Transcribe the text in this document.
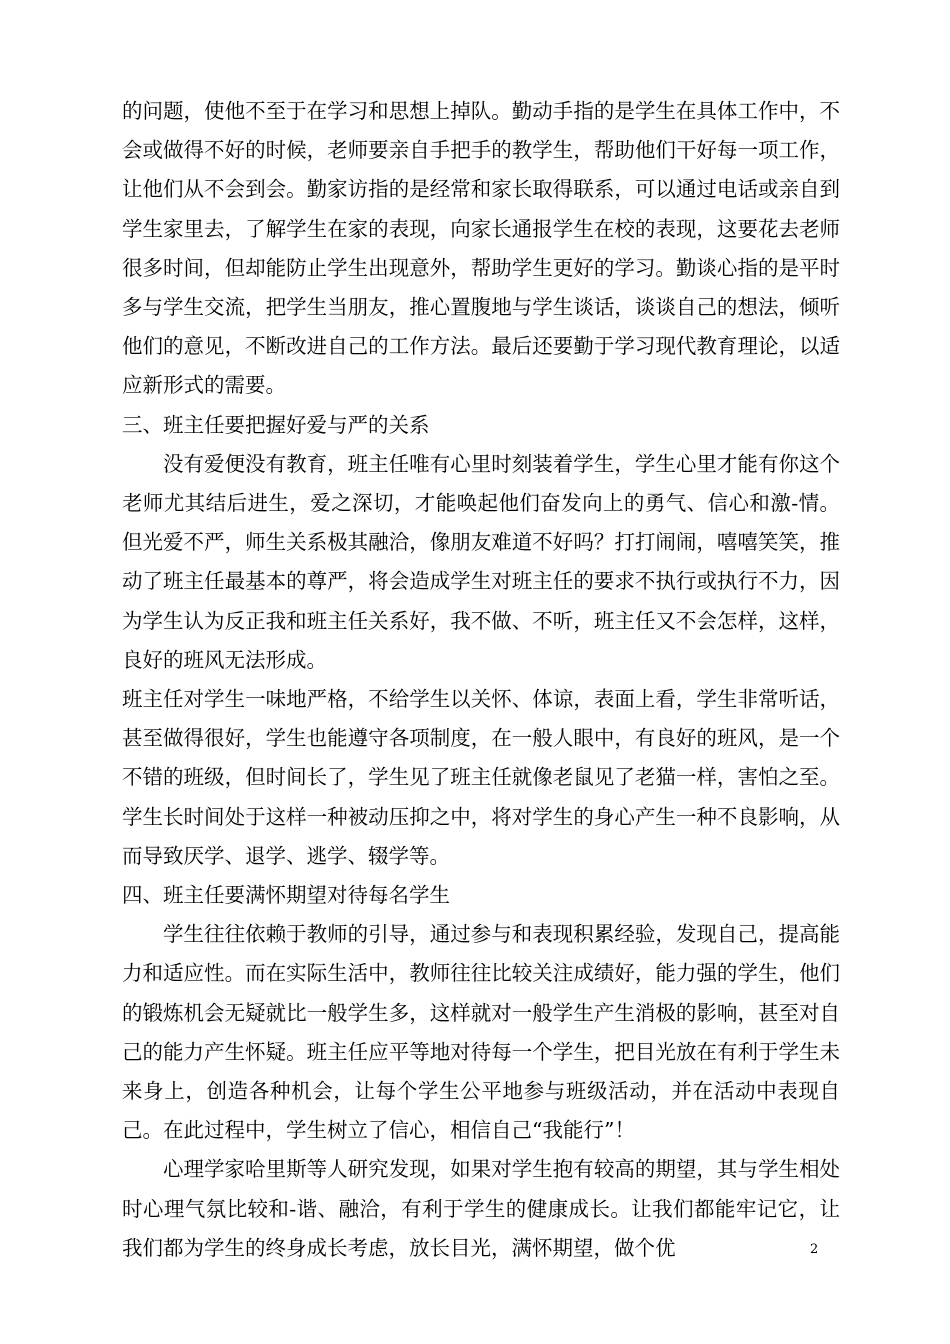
的问题，使他不至于在学习和思想上掉队。勤动手指的是学生在具体工作中，不会或做得不好的时候，老师要亲自手把手的教学生，帮助他们干好每一项工作，让他们从不会到会。勤家访指的是经常和家长取得联系，可以通过电话或亲自到学生家里去，了解学生在家的表现，向家长通报学生在校的表现，这要花去老师很多时间，但却能防止学生出现意外，帮助学生更好的学习。勤谈心指的是平时多与学生交流，把学生当朋友，推心置腹地与学生谈话，谈谈自己的想法，倾听他们的意见，不断改进自己的工作方法。最后还要勤于学习现代教育理论，以适应新形式的需要。

三、班主任要把握好爱与严的关系

没有爱便没有教育，班主任唯有心里时刻装着学生，学生心里才能有你这个老师尤其结后进生，爱之深切，才能唤起他们奋发向上的勇气、信心和激-情。但光爱不严，师生关系极其融洽，像朋友难道不好吗？打打闹闹，嘻嘻笑笑，推动了班主任最基本的尊严，将会造成学生对班主任的要求不执行或执行不力，因为学生认为反正我和班主任关系好，我不做、不听，班主任又不会怎样，这样，良好的班风无法形成。

班主任对学生一味地严格，不给学生以关怀、体谅，表面上看，学生非常听话，甚至做得很好，学生也能遵守各项制度，在一般人眼中，有良好的班风，是一个不错的班级，但时间长了，学生见了班主任就像老鼠见了老猫一样，害怕之至。学生长时间处于这样一种被动压抑之中，将对学生的身心产生一种不良影响，从而导致厌学、退学、逃学、辍学等。

四、班主任要满怀期望对待每名学生

学生往往依赖于教师的引导，通过参与和表现积累经验，发现自己，提高能力和适应性。而在实际生活中，教师往往比较关注成绩好，能力强的学生，他们的锻炼机会无疑就比一般学生多，这样就对一般学生产生消极的影响，甚至对自己的能力产生怀疑。班主任应平等地对待每一个学生，把目光放在有利于学生未来身上，创造各种机会，让每个学生公平地参与班级活动，并在活动中表现自己。在此过程中，学生树立了信心，相信自己“我能行”！

心理学家哈里斯等人研究发现，如果对学生抱有较高的期望，其与学生相处时心理气氛比较和-谐、融洽，有利于学生的健康成长。让我们都能牢记它，让我们都为学生的终身成长考虑，放长目光，满怀期望，做个优	2
